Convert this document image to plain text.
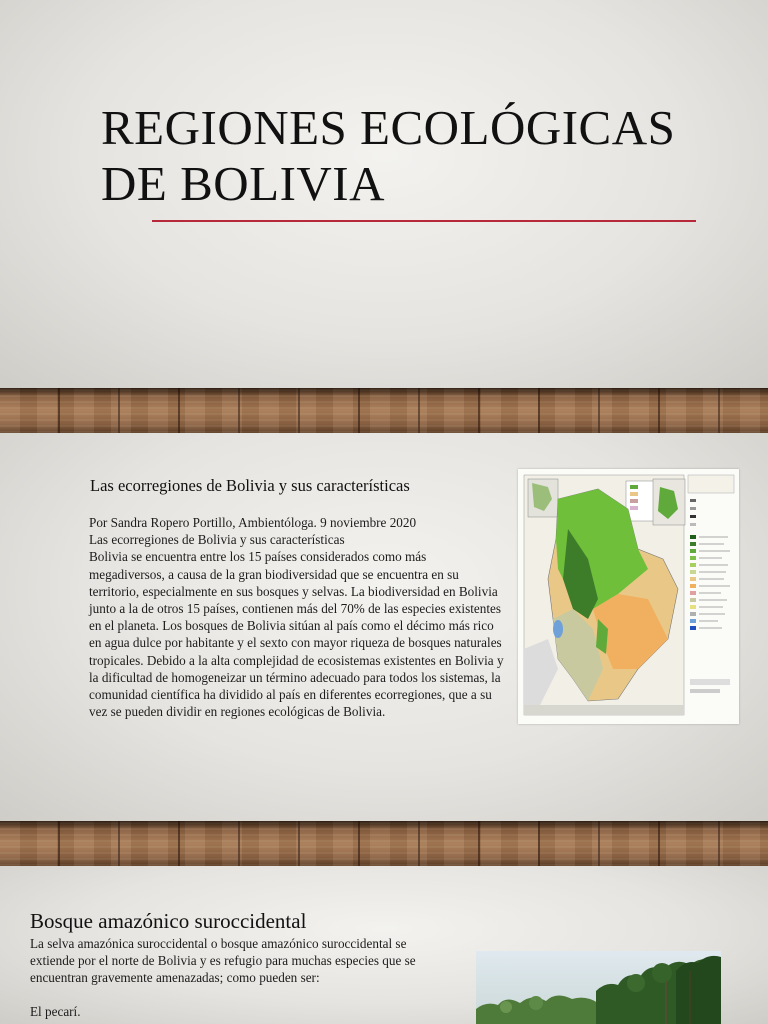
REGIONES ECOLÓGICAS
DE BOLIVIA
Las ecorregiones de Bolivia y sus características

Por Sandra Ropero Portillo, Ambientóloga. 9 noviembre 2020

Las ecorregiones de Bolivia y sus características

Bolivia se encuentra entre los 15 países considerados como más megadiversos, a causa de la gran biodiversidad que se encuentra en su territorio, especialmente en sus bosques y selvas. La biodiversidad en Bolivia junto a la de otros 15 países, contienen más del 70% de las especies existentes en el planeta. Los bosques de Bolivia sitúan al país como el décimo más rico en agua dulce por habitante y el sexto con mayor riqueza de bosques naturales tropicales. Debido a la alta complejidad de ecosistemas existentes en Bolivia y la dificultad de homogeneizar un término adecuado para todos los sistemas, la comunidad científica ha dividido al país en diferentes ecorregiones, que a su vez se pueden dividir en regiones ecológicas de Bolivia.

Bosque amazónico suroccidental

La selva amazónica suroccidental o bosque amazónico suroccidental se extiende por el norte de Bolivia y es refugio para muchas especies que se encuentran gravemente amenazadas; como pueden ser:

El pecarí.
